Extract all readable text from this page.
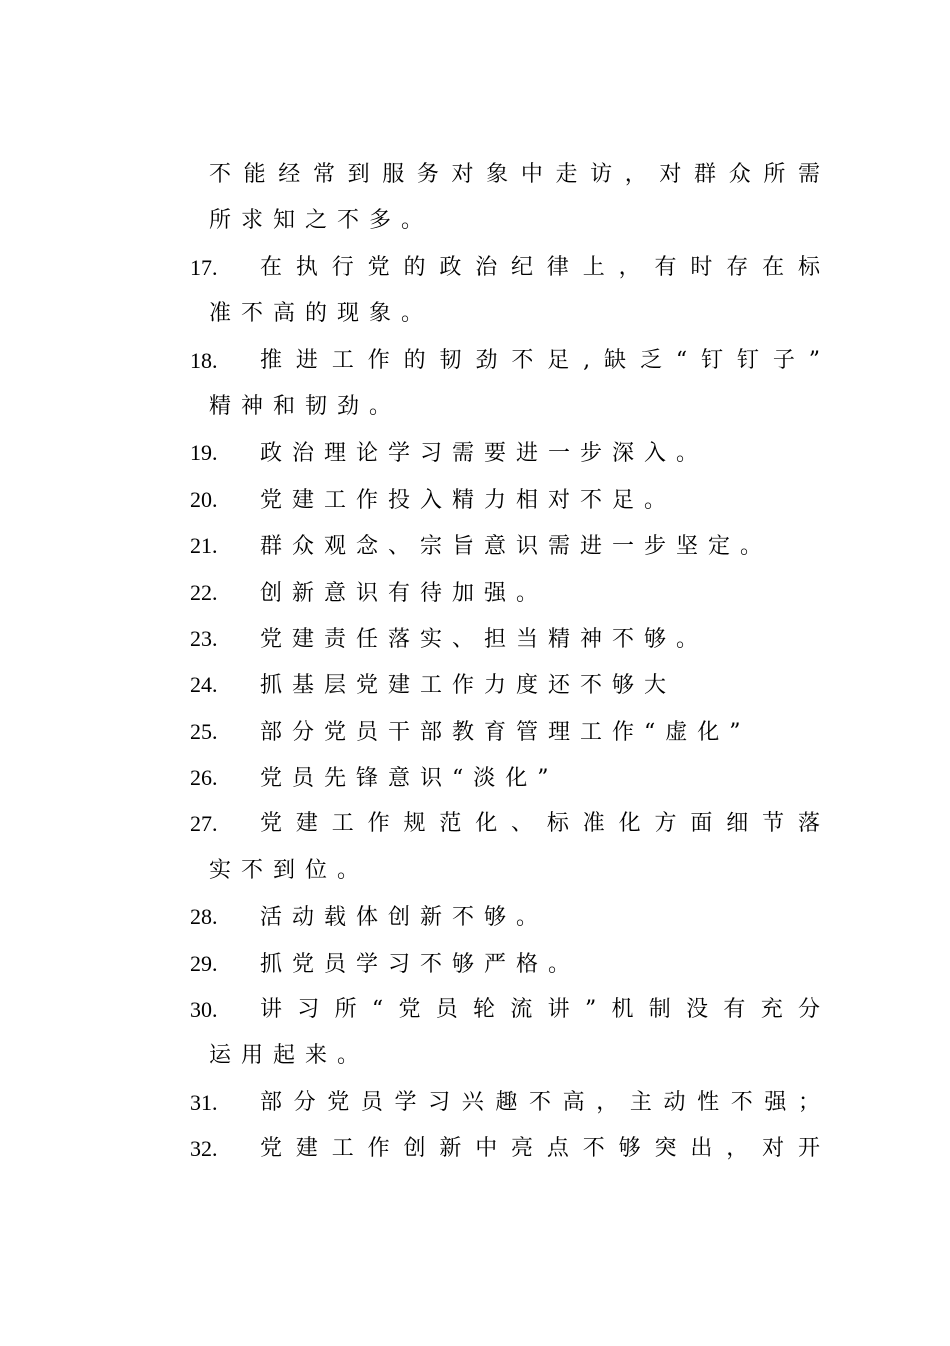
不能经常到服务对象中走访，对群众所需
所求知之不多。
17.	在执行党的政治纪律上，有时存在标
准不高的现象。
18.	推进工作的韧劲不足,缺乏“钉钉子”
精神和韧劲。
19. 政治理论学习需要进一步深入。
20. 党建工作投入精力相对不足。
21. 群众观念、宗旨意识需进一步坚定。
22. 创新意识有待加强。
23. 党建责任落实、担当精神不够。
24. 抓基层党建工作力度还不够大
25. 部分党员干部教育管理工作“虚化”
26. 党员先锋意识“淡化”
27.	党建工作规范化、标准化方面细节落
实不到位。
28. 活动载体创新不够。
29. 抓党员学习不够严格。
30.	讲习所“党员轮流讲”机制没有充分
运用起来。
31.	部分党员学习兴趣不高，主动性不强；
32.	党建工作创新中亮点不够突出，对开
